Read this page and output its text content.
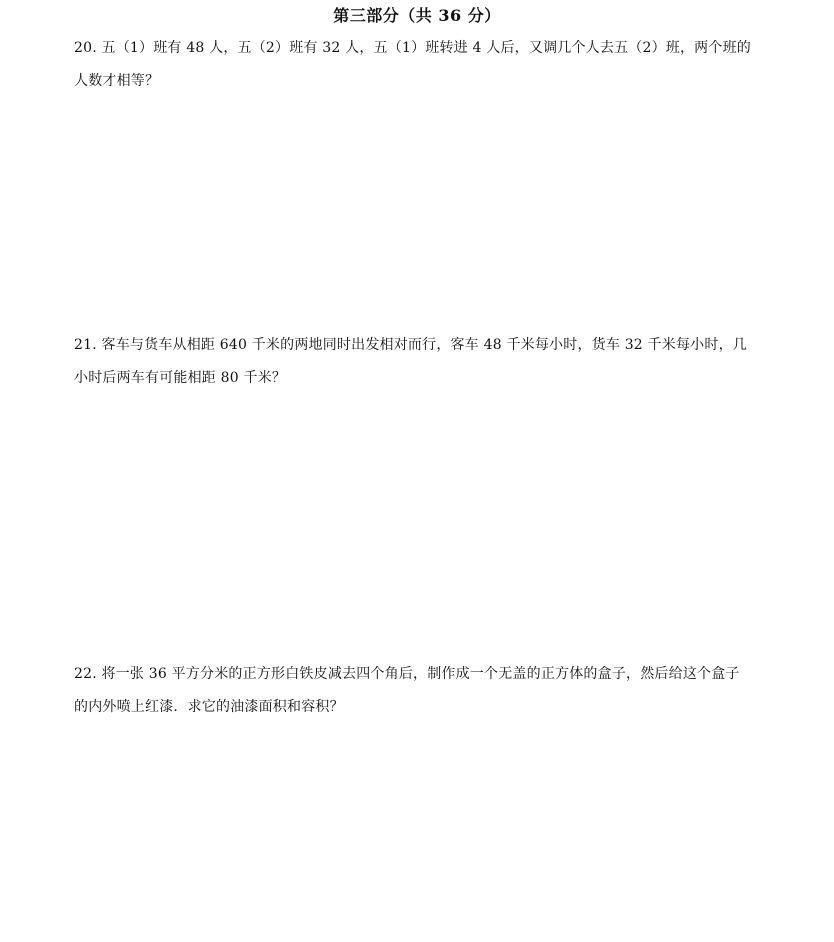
第三部分（共 36 分）
20. 五（1）班有 48 人，五（2）班有 32 人，五（1）班转进 4 人后，又调几个人去五（2）班，两个班的
人数才相等？
21. 客车与货车从相距 640 千米的两地同时出发相对而行，客车 48 千米每小时，货车 32 千米每小时，几
小时后两车有可能相距 80 千米？
22. 将一张 36 平方分米的正方形白铁皮减去四个角后，制作成一个无盖的正方体的盒子，然后给这个盒子
的内外喷上红漆．求它的油漆面积和容积？
